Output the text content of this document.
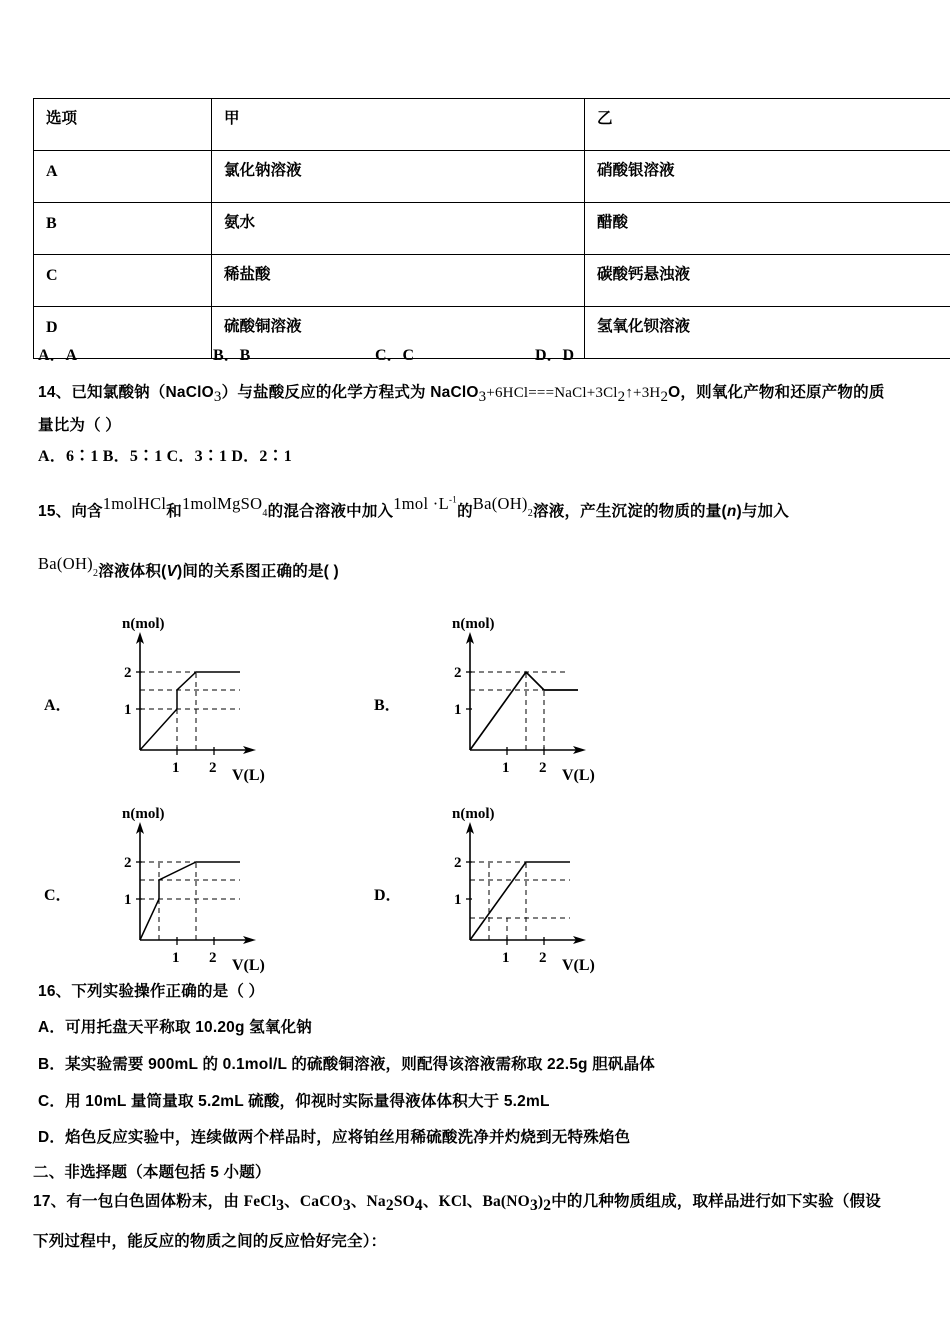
选项	甲	乙
A	氯化钠溶液	硝酸银溶液
B	氨水	醋酸
C	稀盐酸	碳酸钙悬浊液
D	硫酸铜溶液	氢氧化钡溶液
A．A	B．B	C．C	D．D
14、已知氯酸钠（NaClO$_3$）与盐酸反应的化学方程式为 $NaClO_3+6HCl===NaCl+3Cl_2↑+3H_2O$，则氧化产物和还原产物的质
量比为（ ）
A．6∶1 B．5∶1 C．3∶1 D．2∶1
15、向含1molHCl和1molMgSO$_4$的混合溶液中加入$1mol \cdot L^{-1}$的$Ba(OH)_2$溶液，产生沉淀的物质的量(n)与加入
$Ba(OH)_2$溶液体积(V)间的关系图正确的是( )
A．
n(mol)
2
1
1 2 V(L)
B．
n(mol)
2
1
1 2 V(L)
C．
n(mol)
2
1
1 2 V(L)
D．
n(mol)
2
1
1 2 V(L)
16、下列实验操作正确的是（ ）
A．可用托盘天平称取 10.20g 氢氧化钠
B．某实验需要 900mL 的 0.1mol/L 的硫酸铜溶液，则配得该溶液需称取 22.5g 胆矾晶体
C．用 10mL 量筒量取 5.2mL 硫酸，仰视时实际量得液体体积大于 5.2mL
D．焰色反应实验中，连续做两个样品时，应将铂丝用稀硫酸洗净并灼烧到无特殊焰色
二、非选择题（本题包括 5 小题）
17、有一包白色固体粉末，由 FeCl$_3$、CaCO$_3$、$Na_2SO_4$、KCl、$Ba(NO_3)_2$中的几种物质组成，取样品进行如下实验（假设
下列过程中，能反应的物质之间的反应恰好完全）：
